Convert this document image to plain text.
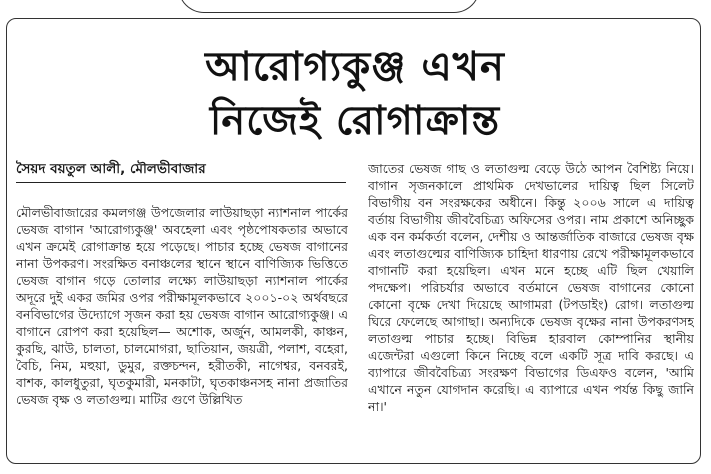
আরোগ্যকুঞ্জ এখন
নিজেই রোগাক্রান্ত
সৈয়দ বয়তুল আলী, মৌলভীবাজার

মৌলভীবাজারের কমলগঞ্জ উপজেলার লাউয়াছড়া ন্যাশনাল পার্কের ভেষজ বাগান 'আরোগ্যকুঞ্জ' অবহেলা এবং পৃষ্ঠপোষকতার অভাবে এখন ক্রমেই রোগাক্রান্ত হয়ে পড়েছে। পাচার হচ্ছে ভেষজ বাগানের নানা উপকরণ। সংরক্ষিত বনাঞ্চলের স্থানে স্থানে বাণিজ্যিক ভিত্তিতে ভেষজ বাগান গড়ে তোলার লক্ষ্যে লাউয়াছড়া ন্যাশনাল পার্কের অদূরে দুই একর জমির ওপর পরীক্ষামূলকভাবে ২০০১-০২ অর্থবছরে বনবিভাগের উদ্যোগে সৃজন করা হয় ভেষজ বাগান আরোগ্যকুঞ্জ। এ বাগানে রোপণ করা হয়েছিল— অশোক, অর্জুন, আমলকী, কাঞ্চন, কুরছি, ঝাউ, চালতা, চালমোগরা, ছাতিয়ান, জয়ত্রী, পলাশ, বহেরা, বৈচি, নিম, মহুয়া, ডুমুর, রক্তচন্দন, হরীতকী, নাগেশ্বর, বনবরই, বাশক, কালধুতুরা, ঘৃতকুমারী, মনকাটা, ঘৃতকাঞ্চনসহ নানা প্রজাতির ভেষজ বৃক্ষ ও লতাগুল্ম। মাটির গুণে উল্লিখিত

জাতের ভেষজ গাছ ও লতাগুল্ম বেড়ে উঠে আপন বৈশিষ্ট্য নিয়ে। বাগান সৃজনকালে প্রাথমিক দেখভালের দায়িত্ব ছিল সিলেট বিভাগীয় বন সংরক্ষকের অধীনে। কিন্তু ২০০৬ সালে এ দায়িত্ব বর্তায় বিভাগীয় জীববৈচিত্র্য অফিসের ওপর। নাম প্রকাশে অনিচ্ছুক এক বন কর্মকর্তা বলেন, দেশীয় ও আন্তর্জাতিক বাজারে ভেষজ বৃক্ষ এবং লতাগুল্মের বাণিজ্যিক চাহিদা ধারণায় রেখে পরীক্ষামূলকভাবে বাগানটি করা হয়েছিল। এখন মনে হচ্ছে এটি ছিল খেয়ালি পদক্ষেপ। পরিচর্যার অভাবে বর্তমানে ভেষজ বাগানের কোনো কোনো বৃক্ষে দেখা দিয়েছে আগামরা (টপডাইং) রোগ। লতাগুল্ম ঘিরে ফেলেছে আগাছা। অন্যদিকে ভেষজ বৃক্ষের নানা উপকরণসহ লতাগুল্ম পাচার হচ্ছে। বিভিন্ন হারবাল কোম্পানির স্থানীয় এজেন্টরা এগুলো কিনে নিচ্ছে বলে একটি সূত্র দাবি করছে। এ ব্যাপারে জীববৈচিত্র্য সংরক্ষণ বিভাগের ডিএফও বলেন, 'আমি এখানে নতুন যোগদান করেছি। এ ব্যাপারে এখন পর্যন্ত কিছু জানি না।'
